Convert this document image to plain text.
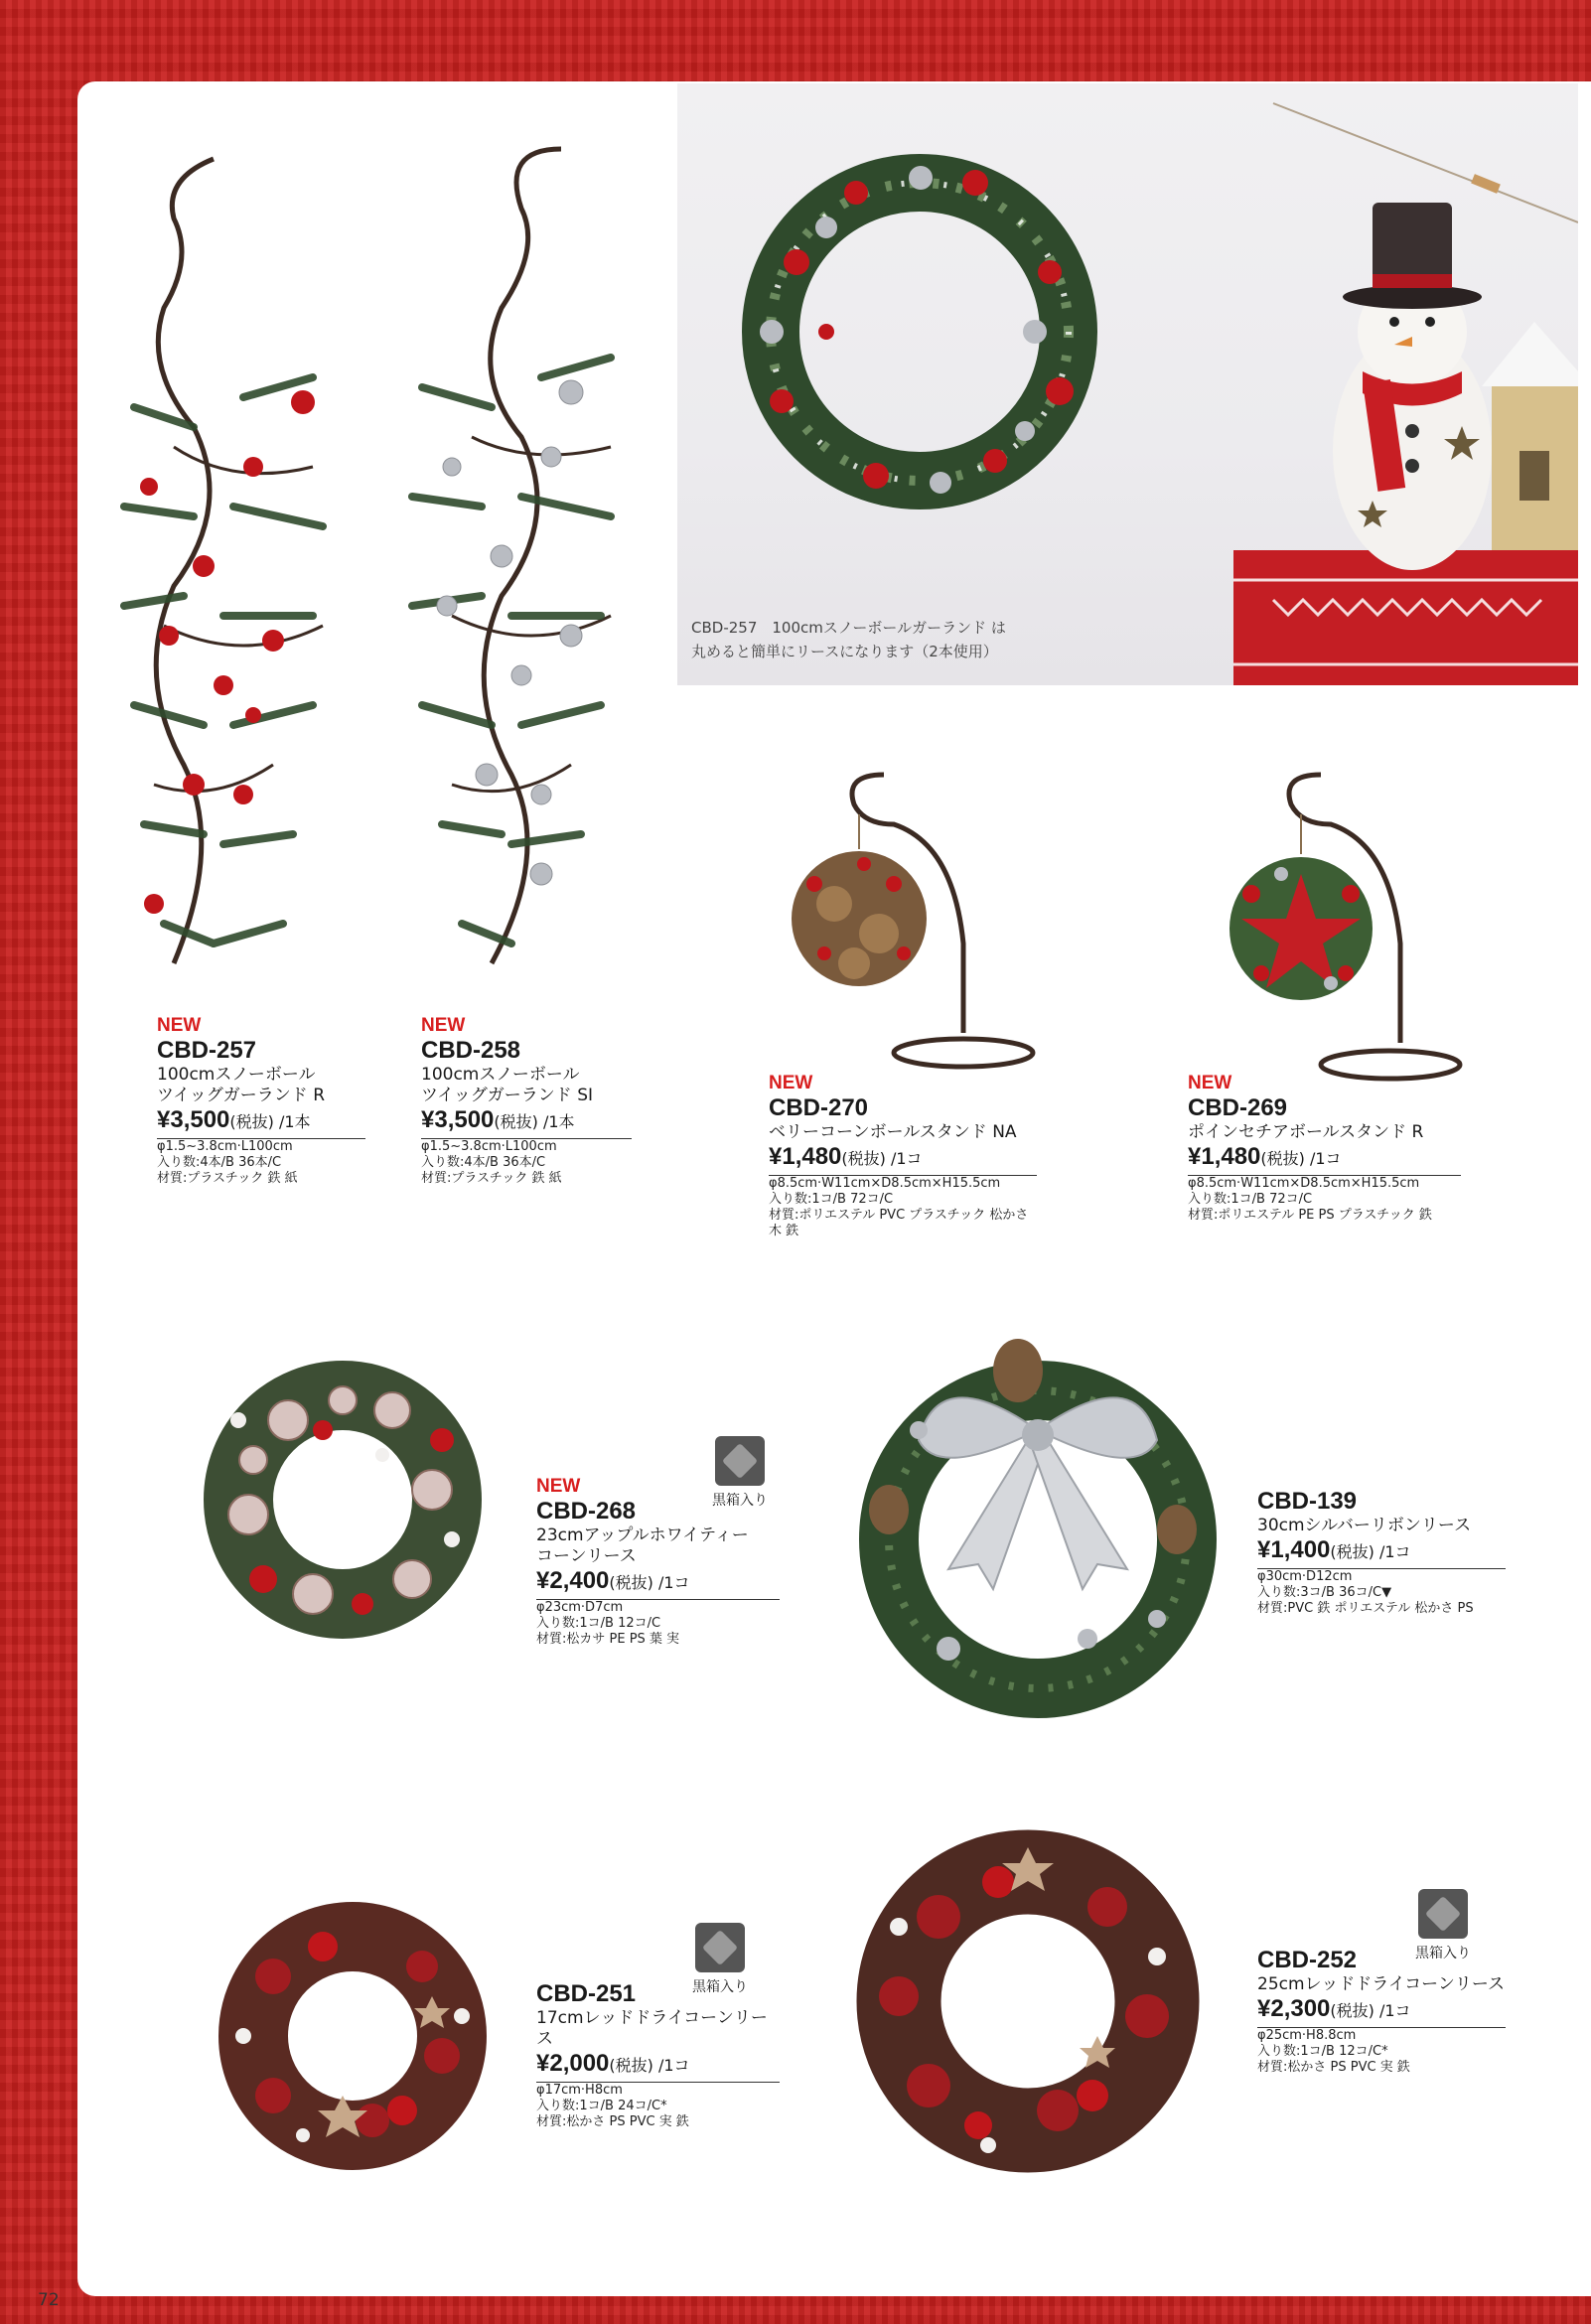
CBD-257　100cmスノーボールガーランド は
丸めると簡単にリースになります（2本使用）
NEW
CBD-257
100cmスノーボール
ツイッグガーランド R
¥3,500(税抜) /1本
φ1.5~3.8cm·L100cm
入り数:4本/B 36本/C
材質:プラスチック 鉄 紙
NEW
CBD-258
100cmスノーボール
ツイッグガーランド SI
¥3,500(税抜) /1本
φ1.5~3.8cm·L100cm
入り数:4本/B 36本/C
材質:プラスチック 鉄 紙
NEW
CBD-270
ベリーコーンボールスタンド NA
¥1,480(税抜) /1コ
φ8.5cm·W11cm×D8.5cm×H15.5cm
入り数:1コ/B 72コ/C
材質:ポリエステル PVC プラスチック 松かさ
木 鉄
NEW
CBD-269
ポインセチアボールスタンド R
¥1,480(税抜) /1コ
φ8.5cm·W11cm×D8.5cm×H15.5cm
入り数:1コ/B 72コ/C
材質:ポリエステル PE PS プラスチック 鉄
NEW
CBD-268
23cmアップルホワイティー
コーンリース
¥2,400(税抜) /1コ
φ23cm·D7cm
入り数:1コ/B 12コ/C
材質:松カサ PE PS 葉 実
黒箱入り	CBD-139
30cmシルバーリボンリース
¥1,400(税抜) /1コ
φ30cm·D12cm
入り数:3コ/B 36コ/C▼
材質:PVC 鉄 ポリエステル 松かさ PS
CBD-251
17cmレッドドライコーンリース
¥2,000(税抜) /1コ
φ17cm·H8cm
入り数:1コ/B 24コ/C*
材質:松かさ PS PVC 実 鉄
黒箱入り
CBD-252
25cmレッドドライコーンリース
¥2,300(税抜) /1コ
φ25cm·H8.8cm
入り数:1コ/B 12コ/C*
材質:松かさ PS PVC 実 鉄
黒箱入り
72
